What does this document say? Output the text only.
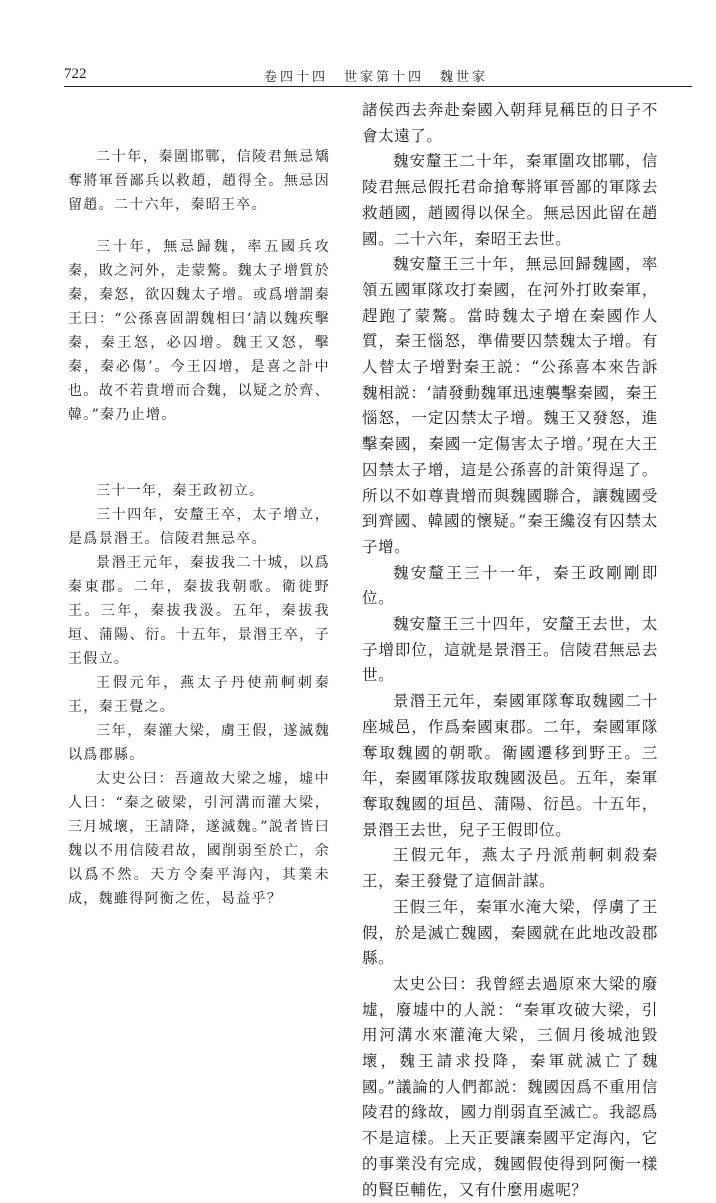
722	卷四十四　世家第十四　魏世家

二十年，秦圍邯鄲，信陵君無忌矯奪將軍晉鄙兵以救趙，趙得全。無忌因留趙。二十六年，秦昭王卒。

三十年，無忌歸魏，率五國兵攻秦，敗之河外，走蒙驁。魏太子增質於秦，秦怒，欲囚魏太子增。或爲增謂秦王曰：“公孫喜固謂魏相曰‘請以魏疾擊秦，秦王怒，必囚增。魏王又怒，擊秦，秦必傷’。今王囚增，是喜之計中也。故不若貴增而合魏，以疑之於齊、韓。”秦乃止增。

三十一年，秦王政初立。

三十四年，安釐王卒，太子增立，是爲景湣王。信陵君無忌卒。

景湣王元年，秦拔我二十城，以爲秦東郡。二年，秦拔我朝歌。衛徙野王。三年，秦拔我汲。五年，秦拔我垣、蒲陽、衍。十五年，景湣王卒，子王假立。

王假元年，燕太子丹使荊軻刺秦王，秦王覺之。

三年，秦灌大梁，虜王假，遂滅魏以爲郡縣。

太史公曰：吾適故大梁之墟，墟中人曰：“秦之破梁，引河溝而灌大梁，三月城壞，王請降，遂滅魏。”説者皆曰魏以不用信陵君故，國削弱至於亡，余以爲不然。天方令秦平海內，其業未成，魏雖得阿衡之佐，曷益乎？

諸侯西去奔赴秦國入朝拜見稱臣的日子不會太遠了。

魏安釐王二十年，秦軍圍攻邯鄲，信陵君無忌假托君命搶奪將軍晉鄙的軍隊去救趙國，趙國得以保全。無忌因此留在趙國。二十六年，秦昭王去世。

魏安釐王三十年，無忌回歸魏國，率領五國軍隊攻打秦國，在河外打敗秦軍，趕跑了蒙驁。當時魏太子增在秦國作人質，秦王惱怒，準備要囚禁魏太子增。有人替太子增對秦王説：“公孫喜本來告訴魏相説：‘請發動魏軍迅速襲擊秦國，秦王惱怒，一定囚禁太子增。魏王又發怒，進擊秦國，秦國一定傷害太子增。’現在大王囚禁太子增，這是公孫喜的計策得逞了。所以不如尊貴增而與魏國聯合，讓魏國受到齊國、韓國的懷疑。”秦王纔沒有囚禁太子增。

魏安釐王三十一年，秦王政剛剛即位。

魏安釐王三十四年，安釐王去世，太子增即位，這就是景湣王。信陵君無忌去世。

景湣王元年，秦國軍隊奪取魏國二十座城邑，作爲秦國東郡。二年，秦國軍隊奪取魏國的朝歌。衛國遷移到野王。三年，秦國軍隊拔取魏國汲邑。五年，秦軍奪取魏國的垣邑、蒲陽、衍邑。十五年，景湣王去世，兒子王假即位。

王假元年，燕太子丹派荊軻刺殺秦王，秦王發覺了這個計謀。

王假三年，秦軍水淹大梁，俘虜了王假，於是滅亡魏國，秦國就在此地改設郡縣。

太史公曰：我曾經去過原來大梁的廢墟，廢墟中的人説：“秦軍攻破大梁，引用河溝水來灌淹大梁，三個月後城池毀壞，魏王請求投降，秦軍就滅亡了魏國。”議論的人們都説：魏國因爲不重用信陵君的緣故，國力削弱直至滅亡。我認爲不是這樣。上天正要讓秦國平定海內，它的事業没有完成，魏國假使得到阿衡一樣的賢臣輔佐，又有什麼用處呢？
